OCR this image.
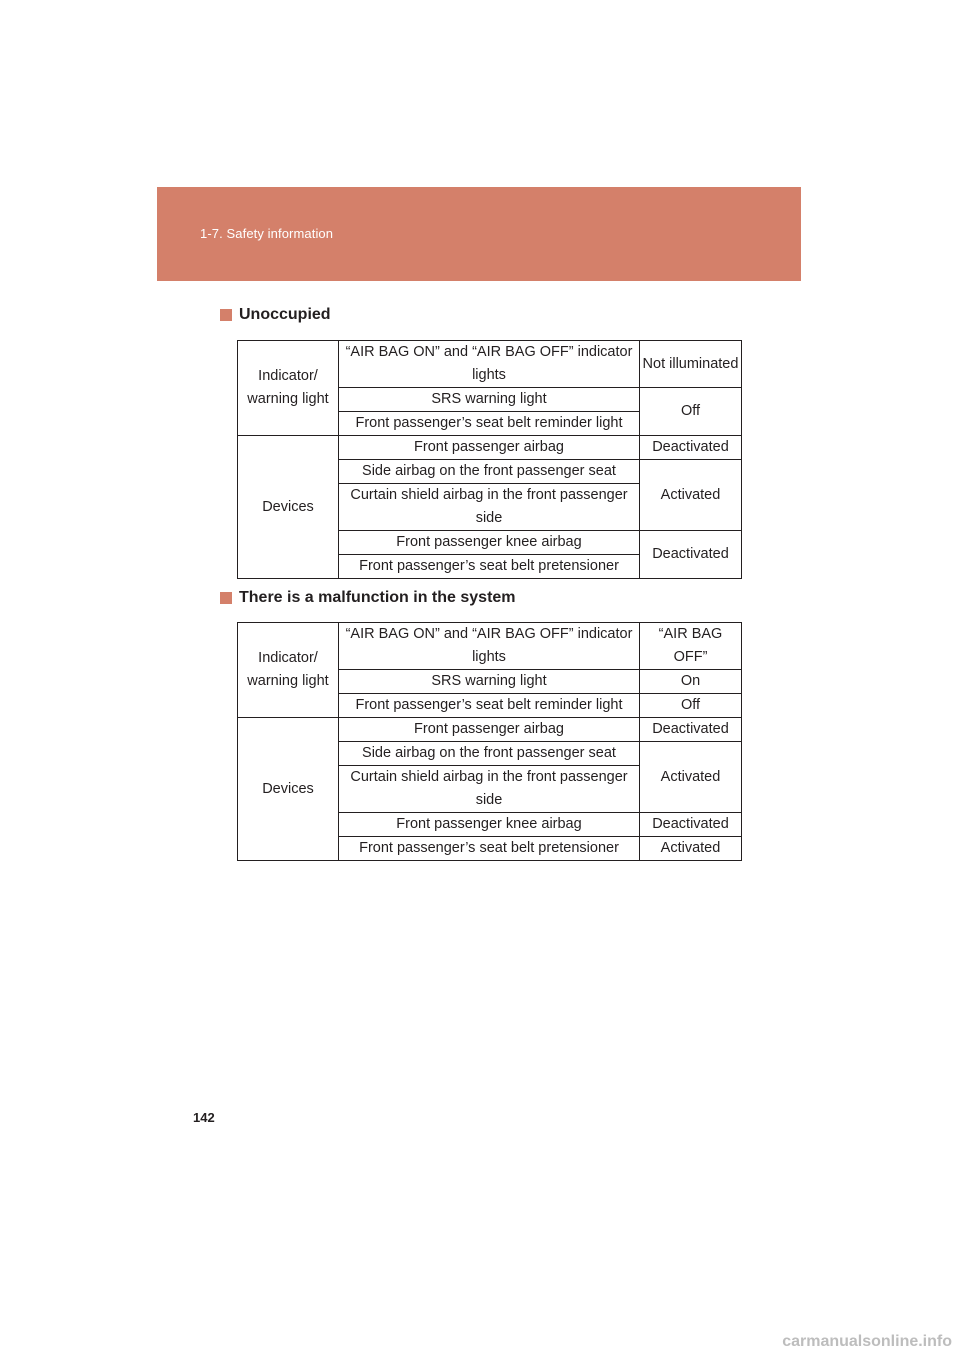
1-7. Safety information
Unoccupied
Indicator/ warning light	“AIR BAG ON” and “AIR BAG OFF” indicator lights	Not illuminated
	SRS warning light	Off
	Front passenger’s seat belt reminder light	
Devices	Front passenger airbag	Deactivated
	Side airbag on the front passenger seat	Activated
	Curtain shield airbag in the front passenger side	
	Front passenger knee airbag	Deactivated
	Front passenger’s seat belt pretensioner	
There is a malfunction in the system
Indicator/ warning light	“AIR BAG ON” and “AIR BAG OFF” indicator lights	“AIR BAG OFF”
	SRS warning light	On
	Front passenger’s seat belt reminder light	Off
Devices	Front passenger airbag	Deactivated
	Side airbag on the front passenger seat	Activated
	Curtain shield airbag in the front passenger side	
	Front passenger knee airbag	Deactivated
	Front passenger’s seat belt pretensioner	Activated
142
carmanualsonline.info
